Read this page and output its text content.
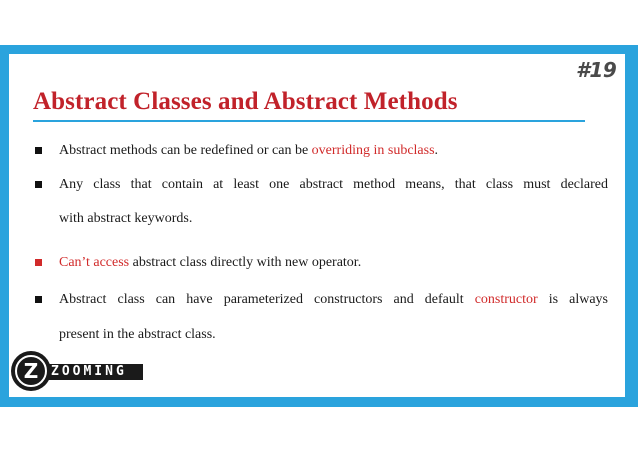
#19
Abstract Classes and Abstract Methods
Abstract methods can be redefined or can be overriding in subclass.
Any class that contain at least one abstract method means, that class must declared
with abstract keywords.
Can’t access abstract class directly with new operator.
Abstract class can have parameterized constructors and default constructor is always
present in the abstract class.
ZOOMING
Z
